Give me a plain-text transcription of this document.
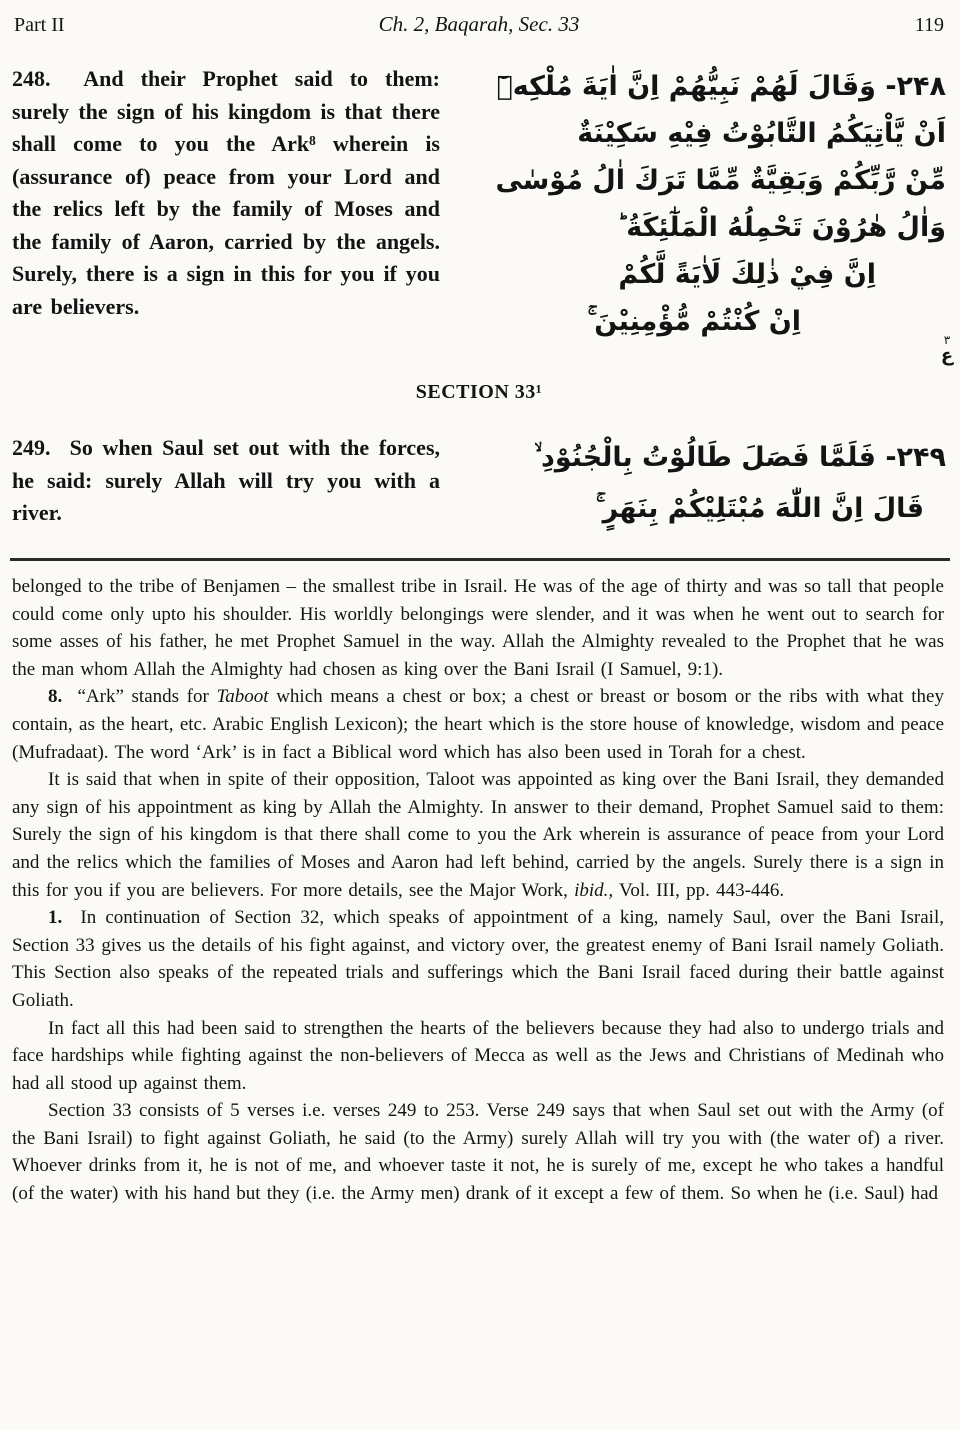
Part II	Ch. 2, Baqarah, Sec. 33	119
248.  And their Prophet said to them: surely the sign of his kingdom is that there shall come to you the Ark⁸ wherein is (assurance of) peace from your Lord and the relics left by the family of Moses and the family of Aaron, carried by the angels. Surely, there is a sign in this for you if you are believers.
۲۴۸- وَقَالَ لَهُمْ نَبِيُّهُمْ اِنَّ اٰيَةَ مُلْكِهٖٓ
اَنْ يَّاْتِيَكُمُ التَّابُوْتُ فِيْهِ سَكِيْنَةٌ
مِّنْ رَّبِّكُمْ وَبَقِيَّةٌ مِّمَّا تَرَكَ اٰلُ مُوْسٰى
وَاٰلُ هٰرُوْنَ تَحْمِلُهُ الْمَلٰٓئِكَةُ ؕ
اِنَّ فِيْ ذٰلِكَ لَاٰيَةً لَّكُمْ
اِنْ كُنْتُمْ مُّؤْمِنِيْنَ ۚ
٣
ع
SECTION 33¹
249.  So when Saul set out with the forces, he said: surely Allah will try you with a river.
۲۴۹- فَلَمَّا فَصَلَ طَالُوْتُ بِالْجُنُوْدِ ۙ
قَالَ اِنَّ اللّٰهَ مُبْتَلِيْكُمْ بِنَهَرٍ ۚ

belonged to the tribe of Benjamen – the smallest tribe in Israil. He was of the age of thirty and was so tall that people could come only upto his shoulder. His worldly belongings were slender, and it was when he went out to search for some asses of his father, he met Prophet Samuel in the way. Allah the Almighty revealed to the Prophet that he was the man whom Allah the Almighty had chosen as king over the Bani Israil (I Samuel, 9:1).

8.  “Ark” stands for Taboot which means a chest or box; a chest or breast or bosom or the ribs with what they contain, as the heart, etc. Arabic English Lexicon); the heart which is the store house of knowledge, wisdom and peace (Mufradaat). The word ‘Ark’ is in fact a Biblical word which has also been used in Torah for a chest.

It is said that when in spite of their opposition, Taloot was appointed as king over the Bani Israil, they demanded any sign of his appointment as king by Allah the Almighty. In answer to their demand, Prophet Samuel said to them: Surely the sign of his kingdom is that there shall come to you the Ark wherein is assurance of peace from your Lord and the relics which the families of Moses and Aaron had left behind, carried by the angels. Surely there is a sign in this for you if you are believers. For more details, see the Major Work, ibid., Vol. III, pp. 443-446.

1.  In continuation of Section 32, which speaks of appointment of a king, namely Saul, over the Bani Israil, Section 33 gives us the details of his fight against, and victory over, the greatest enemy of Bani Israil namely Goliath. This Section also speaks of the repeated trials and sufferings which the Bani Israil faced during their battle against Goliath.

In fact all this had been said to strengthen the hearts of the believers because they had also to undergo trials and face hardships while fighting against the non-believers of Mecca as well as the Jews and Christians of Medinah who had all stood up against them.

Section 33 consists of 5 verses i.e. verses 249 to 253. Verse 249 says that when Saul set out with the Army (of the Bani Israil) to fight against Goliath, he said (to the Army) surely Allah will try you with (the water of) a river. Whoever drinks from it, he is not of me, and whoever taste it not, he is surely of me, except he who takes a handful (of the water) with his hand but they (i.e. the Army men) drank of it except a few of them. So when he (i.e. Saul) had
